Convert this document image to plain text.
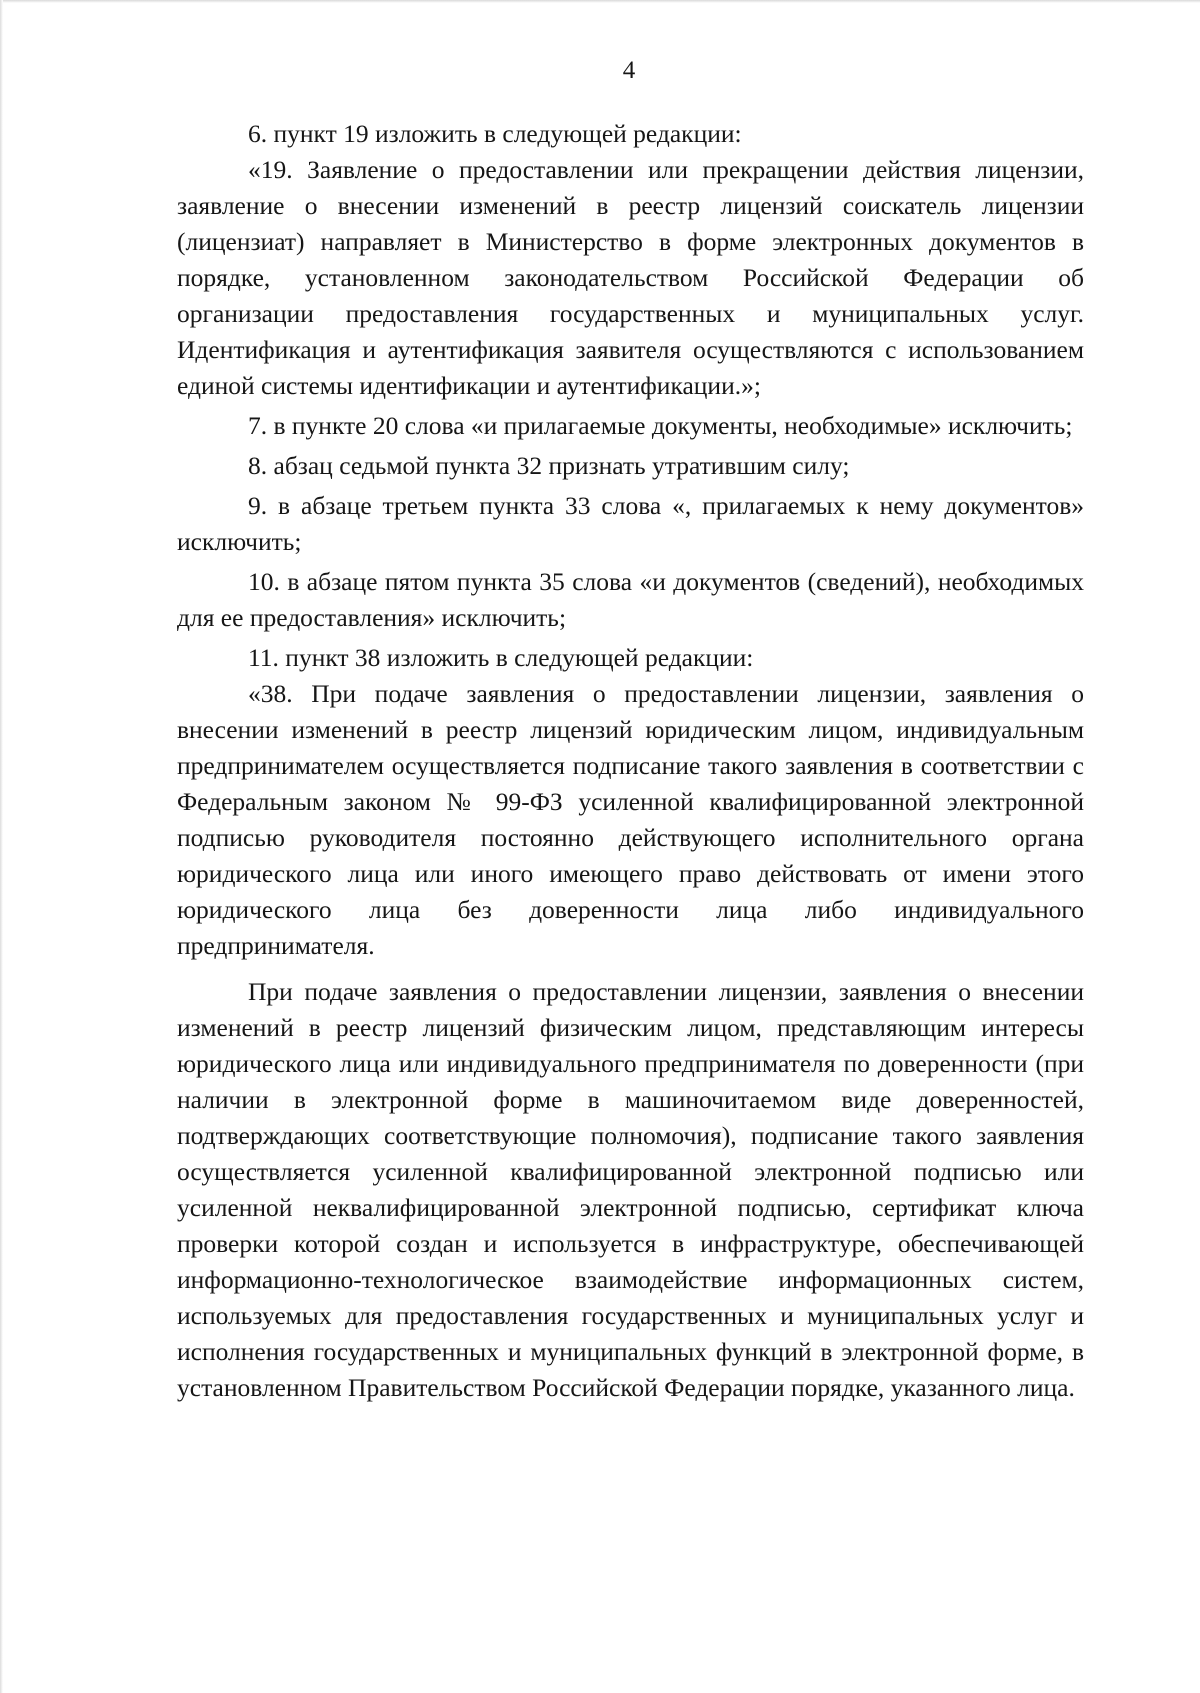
4

6. пункт 19 изложить в следующей редакции:

«19. Заявление о предоставлении или прекращении действия лицензии, заявление о внесении изменений в реестр лицензий соискатель лицензии (лицензиат) направляет в Министерство в форме электронных документов в порядке, установленном законодательством Российской Федерации об организации предоставления государственных и муниципальных услуг. Идентификация и аутентификация заявителя осуществляются с использованием единой системы идентификации и аутентификации.»;

7. в пункте 20 слова «и прилагаемые документы, необходимые» исключить;

8. абзац седьмой пункта 32 признать утратившим силу;

9. в абзаце третьем пункта 33 слова «, прилагаемых к нему документов» исключить;

10. в абзаце пятом пункта 35 слова «и документов (сведений), необходимых для ее предоставления» исключить;

11. пункт 38 изложить в следующей редакции:

«38. При подаче заявления о предоставлении лицензии, заявления о внесении изменений в реестр лицензий юридическим лицом, индивидуальным предпринимателем осуществляется подписание такого заявления в соответствии с Федеральным законом № 99-ФЗ усиленной квалифицированной электронной подписью руководителя постоянно действующего исполнительного органа юридического лица или иного имеющего право действовать от имени этого юридического лица без доверенности лица либо индивидуального предпринимателя.

При подаче заявления о предоставлении лицензии, заявления о внесении изменений в реестр лицензий физическим лицом, представляющим интересы юридического лица или индивидуального предпринимателя по доверенности (при наличии в электронной форме в машиночитаемом виде доверенностей, подтверждающих соответствующие полномочия), подписание такого заявления осуществляется усиленной квалифицированной электронной подписью или усиленной неквалифицированной электронной подписью, сертификат ключа проверки которой создан и используется в инфраструктуре, обеспечивающей информационно-технологическое взаимодействие информационных систем, используемых для предоставления государственных и муниципальных услуг и исполнения государственных и муниципальных функций в электронной форме, в установленном Правительством Российской Федерации порядке, указанного лица.
